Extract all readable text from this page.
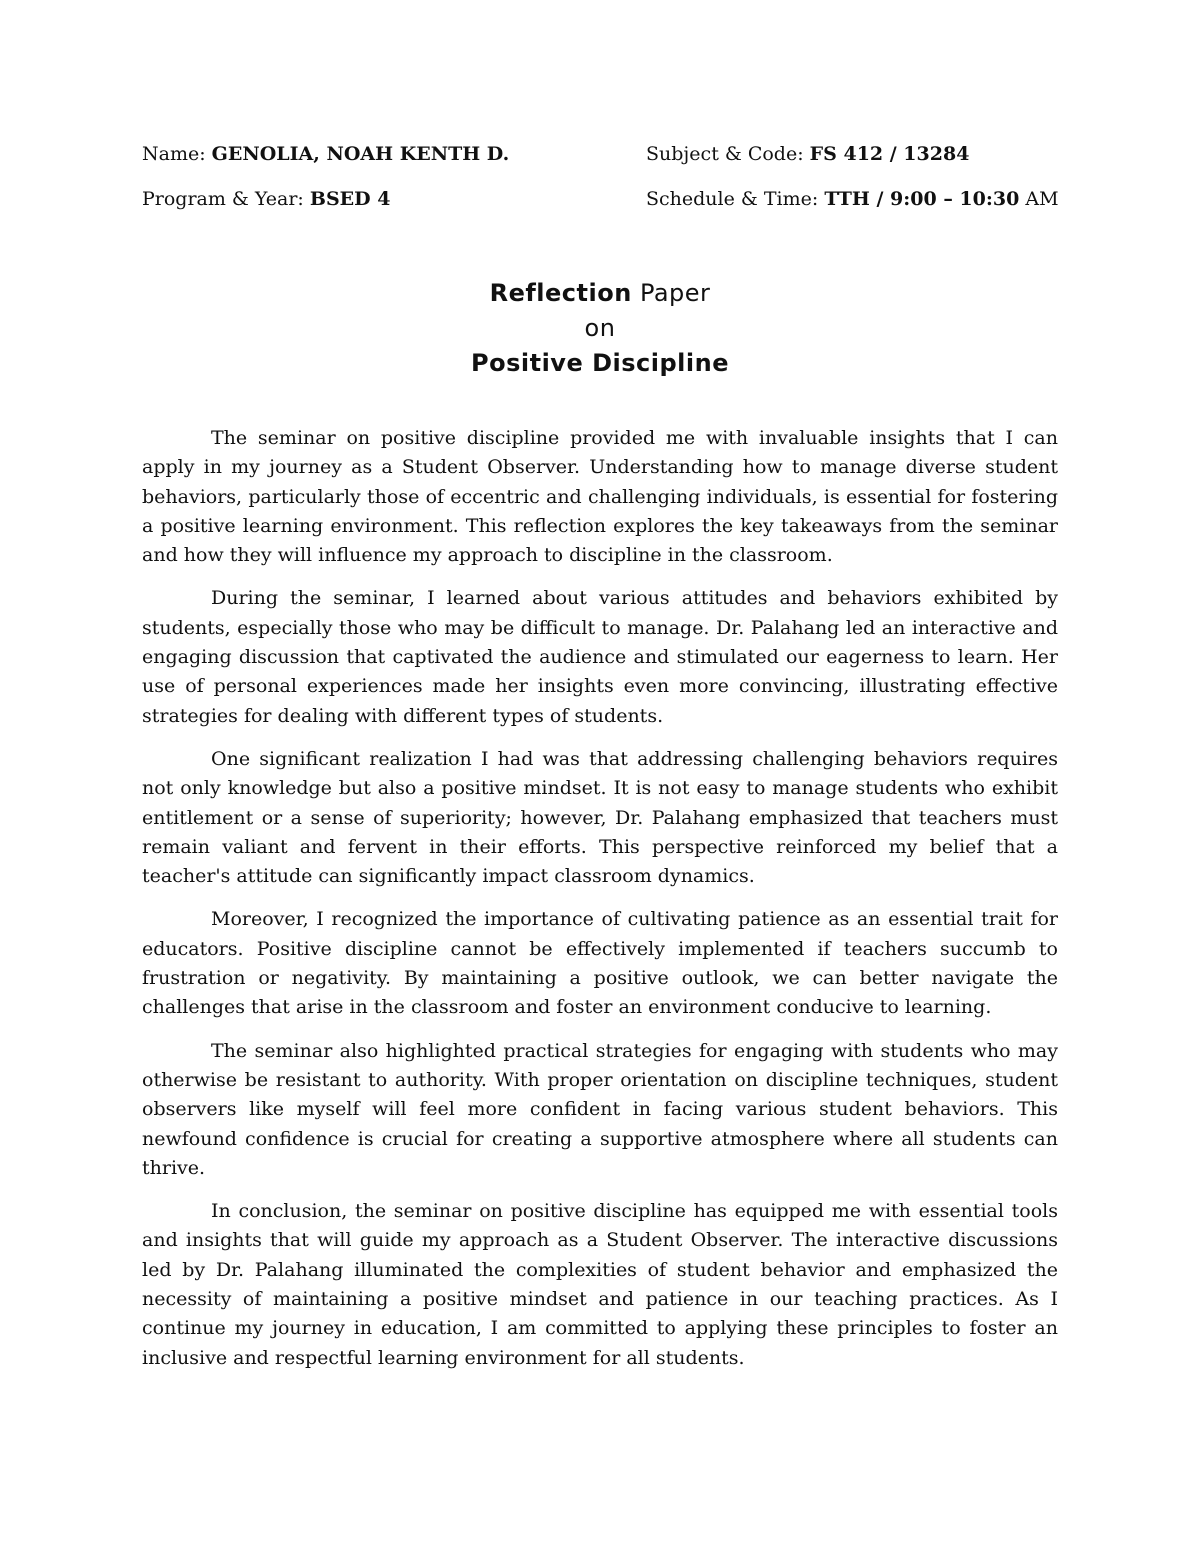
Name: GENOLIA, NOAH KENTH D.	Subject & Code: FS 412 / 13284
Program & Year: BSED 4	Schedule & Time: TTH / 9:00 – 10:30 AM
Reflection Paper
on
Positive Discipline

The seminar on positive discipline provided me with invaluable insights that I can apply in my journey as a Student Observer. Understanding how to manage diverse student behaviors, particularly those of eccentric and challenging individuals, is essential for fostering a positive learning environment. This reflection explores the key takeaways from the seminar and how they will influence my approach to discipline in the classroom.

During the seminar, I learned about various attitudes and behaviors exhibited by students, especially those who may be difficult to manage. Dr. Palahang led an interactive and engaging discussion that captivated the audience and stimulated our eagerness to learn. Her use of personal experiences made her insights even more convincing, illustrating effective strategies for dealing with different types of students.

One significant realization I had was that addressing challenging behaviors requires not only knowledge but also a positive mindset. It is not easy to manage students who exhibit entitlement or a sense of superiority; however, Dr. Palahang emphasized that teachers must remain valiant and fervent in their efforts. This perspective reinforced my belief that a teacher's attitude can significantly impact classroom dynamics.

Moreover, I recognized the importance of cultivating patience as an essential trait for educators. Positive discipline cannot be effectively implemented if teachers succumb to frustration or negativity. By maintaining a positive outlook, we can better navigate the challenges that arise in the classroom and foster an environment conducive to learning.

The seminar also highlighted practical strategies for engaging with students who may otherwise be resistant to authority. With proper orientation on discipline techniques, student observers like myself will feel more confident in facing various student behaviors. This newfound confidence is crucial for creating a supportive atmosphere where all students can thrive.

In conclusion, the seminar on positive discipline has equipped me with essential tools and insights that will guide my approach as a Student Observer. The interactive discussions led by Dr. Palahang illuminated the complexities of student behavior and emphasized the necessity of maintaining a positive mindset and patience in our teaching practices. As I continue my journey in education, I am committed to applying these principles to foster an inclusive and respectful learning environment for all students.
